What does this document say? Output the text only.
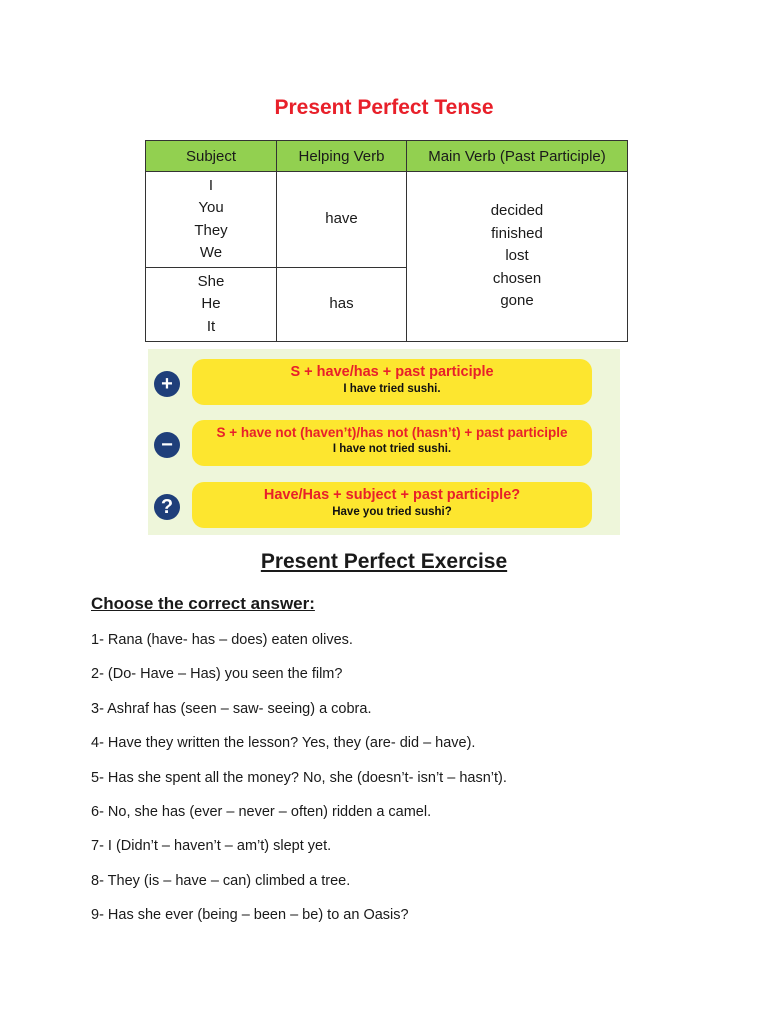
Present Perfect Tense
Subject	Helping Verb	Main Verb (Past Participle)

I
You
They
We	have	decided
finished
lost
chosen
gone

She
He
It	has	
+
S + have/has + past participle
I have tried sushi.
−
S + have not (haven’t)/has not (hasn’t) + past participle
I have not tried sushi.
?
Have/Has + subject + past participle?
Have you tried sushi?
Present Perfect Exercise
Choose the correct answer:
1- Rana (have- has – does) eaten olives.
2- (Do- Have – Has) you seen the film?
3- Ashraf has (seen – saw- seeing) a cobra.
4- Have they written the lesson? Yes, they (are- did – have).
5- Has she spent all the money? No, she (doesn’t- isn’t – hasn’t).
6- No, she has (ever – never – often) ridden a camel.
7- I (Didn’t – haven’t – am’t) slept yet.
8- They (is – have – can) climbed a tree.
9- Has she ever (being – been – be) to an Oasis?
